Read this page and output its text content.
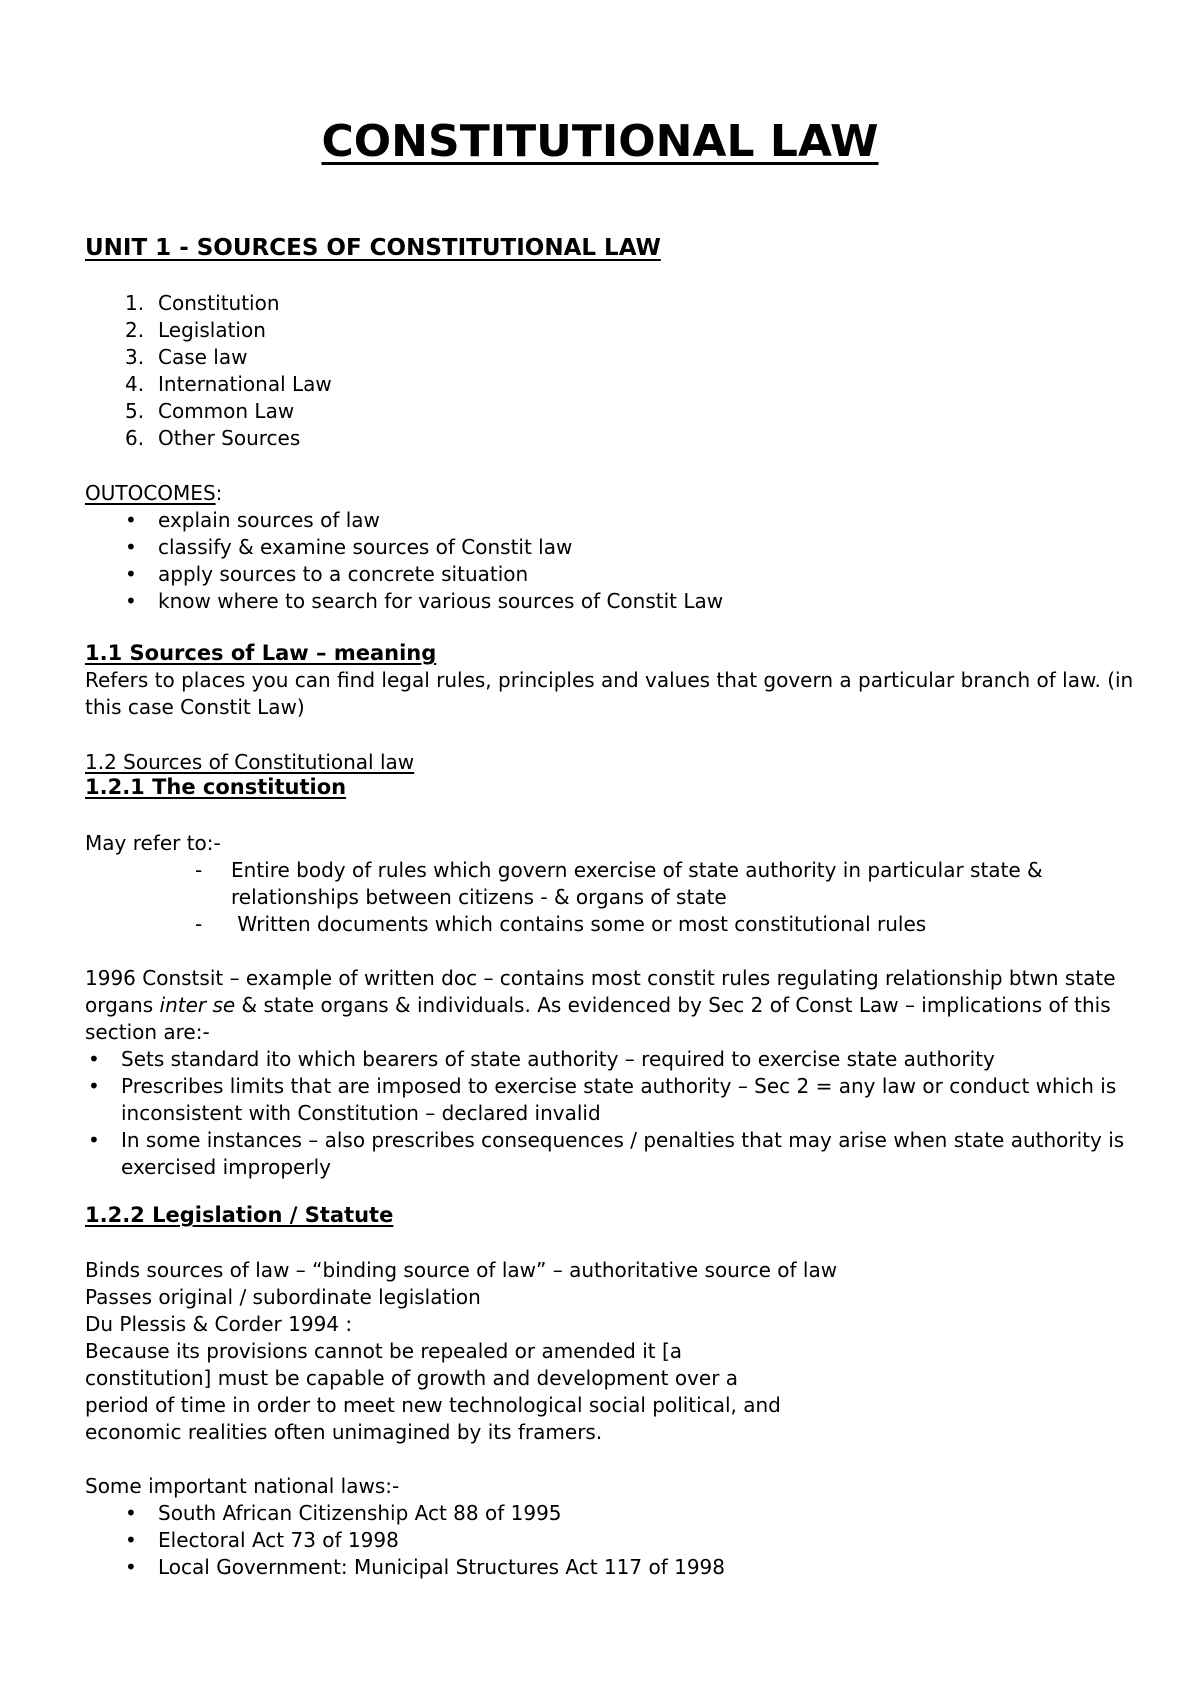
CONSTITUTIONAL LAW
UNIT 1 - SOURCES OF CONSTITUTIONAL LAW
1. Constitution
2. Legislation
3. Case law
4. International Law
5. Common Law
6. Other Sources
OUTOCOMES:
• explain sources of law
• classify & examine sources of Constit law
• apply sources to a concrete situation
• know where to search for various sources of Constit Law
1.1 Sources of Law – meaning
Refers to places you can find legal rules, principles and values that govern a particular branch of law. (in
this case Constit Law)
1.2 Sources of Constitutional law
1.2.1 The constitution
May refer to:-
- Entire body of rules which govern exercise of state authority in particular state & relationships between citizens - & organs of state
- Written documents which contains some or most constitutional rules
1996 Constsit – example of written doc – contains most constit rules regulating relationship btwn state organs inter se & state organs & individuals. As evidenced by Sec 2 of Const Law – implications of this section are:-
• Sets standard ito which bearers of state authority – required to exercise state authority
• Prescribes limits that are imposed to exercise state authority – Sec 2 = any law or conduct which is inconsistent with Constitution – declared invalid
• In some instances – also prescribes consequences / penalties that may arise when state authority is exercised improperly
1.2.2 Legislation / Statute
Binds sources of law – “binding source of law” – authoritative source of law
Passes original / subordinate legislation
Du Plessis & Corder 1994 :
Because its provisions cannot be repealed or amended it [a
constitution] must be capable of growth and development over a
period of time in order to meet new technological social political, and
economic realities often unimagined by its framers.
Some important national laws:-
• South African Citizenship Act 88 of 1995
• Electoral Act 73 of 1998
• Local Government: Municipal Structures Act 117 of 1998
